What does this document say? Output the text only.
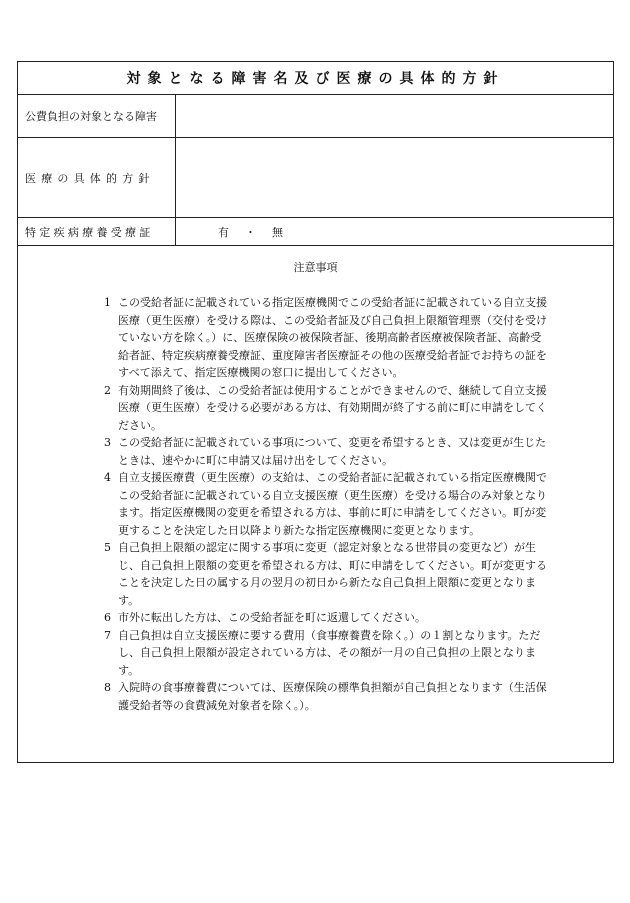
対象となる障害名及び医療の具体的方針
公費負担の対象となる障害
医療の具体的方針
特定疾病療養受療証	有 ・ 無
注意事項
1 この受給者証に記載されている指定医療機関でこの受給者証に記載されている自立支援医療（更生医療）を受ける際は、この受給者証及び自己負担上限額管理票（交付を受けていない方を除く。）に、医療保険の被保険者証、後期高齢者医療被保険者証、高齢受給者証、特定疾病療養受療証、重度障害者医療証その他の医療受給者証でお持ちの証をすべて添えて、指定医療機関の窓口に提出してください。
2 有効期間終了後は、この受給者証は使用することができませんので、継続して自立支援医療（更生医療）を受ける必要がある方は、有効期間が終了する前に町に申請をしてください。
3 この受給者証に記載されている事項について、変更を希望するとき、又は変更が生じたときは、速やかに町に申請又は届け出をしてください。
4 自立支援医療費（更生医療）の支給は、この受給者証に記載されている指定医療機関でこの受給者証に記載されている自立支援医療（更生医療）を受ける場合のみ対象となります。指定医療機関の変更を希望される方は、事前に町に申請をしてください。町が変更することを決定した日以降より新たな指定医療機関に変更となります。
5 自己負担上限額の認定に関する事項に変更（認定対象となる世帯員の変更など）が生じ、自己負担上限額の変更を希望される方は、町に申請をしてください。町が変更することを決定した日の属する月の翌月の初日から新たな自己負担上限額に変更となります。
6 市外に転出した方は、この受給者証を町に返還してください。
7 自己負担は自立支援医療に要する費用（食事療養費を除く。）の１割となります。ただし、自己負担上限額が設定されている方は、その額が一月の自己負担の上限となります。
8 入院時の食事療養費については、医療保険の標準負担額が自己負担となります（生活保護受給者等の食費減免対象者を除く。）。
